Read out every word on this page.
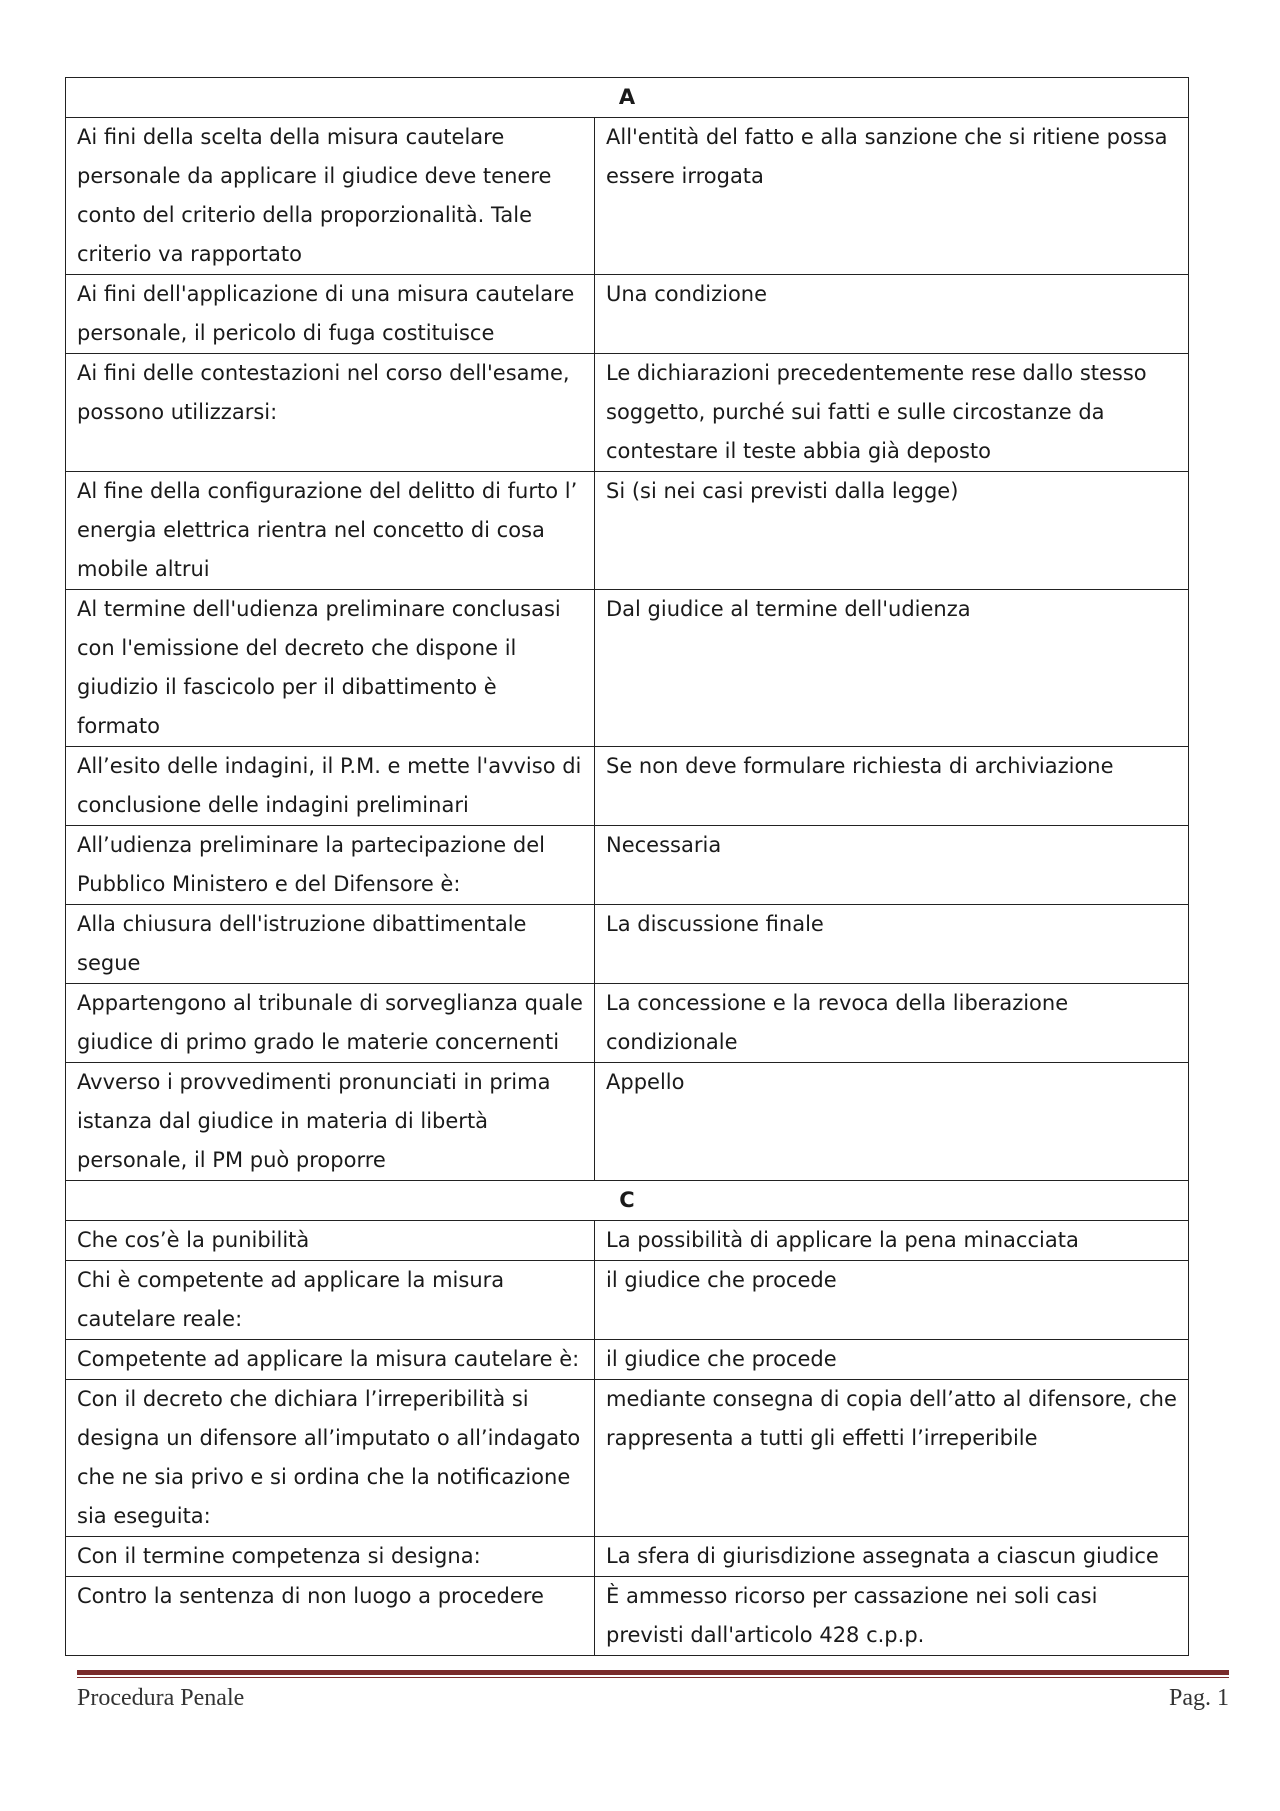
A	
Ai fini della scelta della misura cautelare personale da applicare il giudice deve tenere conto del criterio della proporzionalità. Tale criterio va rapportato	All'entità del fatto e alla sanzione che si ritiene possa essere irrogata
Ai fini dell'applicazione di una misura cautelare personale, il pericolo di fuga costituisce	Una condizione
Ai fini delle contestazioni nel corso dell'esame, possono utilizzarsi:	Le dichiarazioni precedentemente rese dallo stesso soggetto, purché sui fatti e sulle circostanze da contestare il teste abbia già deposto
Al fine della configurazione del delitto di furto l’ energia elettrica rientra nel concetto di cosa mobile altrui	Si (si nei casi previsti dalla legge)
Al termine dell'udienza preliminare conclusasi con l'emissione del decreto che dispone il giudizio il fascicolo per il dibattimento è formato	Dal giudice al termine dell'udienza
All’esito delle indagini, il P.M. e mette l'avviso di conclusione delle indagini preliminari	Se non deve formulare richiesta di archiviazione
All’udienza preliminare la partecipazione del Pubblico Ministero e del Difensore è:	Necessaria
Alla chiusura dell'istruzione dibattimentale segue	La discussione finale
Appartengono al tribunale di sorveglianza quale giudice di primo grado le materie concernenti	La concessione e la revoca della liberazione condizionale
Avverso i provvedimenti pronunciati in prima istanza dal giudice in materia di libertà personale, il PM può proporre	Appello
C	
Che cos’è la punibilità	La possibilità di applicare la pena minacciata
Chi è competente ad applicare la misura cautelare reale:	il giudice che procede
Competente ad applicare la misura cautelare è:	il giudice che procede
Con il decreto che dichiara l’irreperibilità si designa un difensore all’imputato o all’indagato che ne sia privo e si ordina che la notificazione sia eseguita:	mediante consegna di copia dell’atto al difensore, che rappresenta a tutti gli effetti l’irreperibile
Con il termine competenza si designa:	La sfera di giurisdizione assegnata a ciascun giudice
Contro la sentenza di non luogo a procedere	È ammesso ricorso per cassazione nei soli casi previsti dall'articolo 428 c.p.p.
Procedura Penale	Pag. 1
